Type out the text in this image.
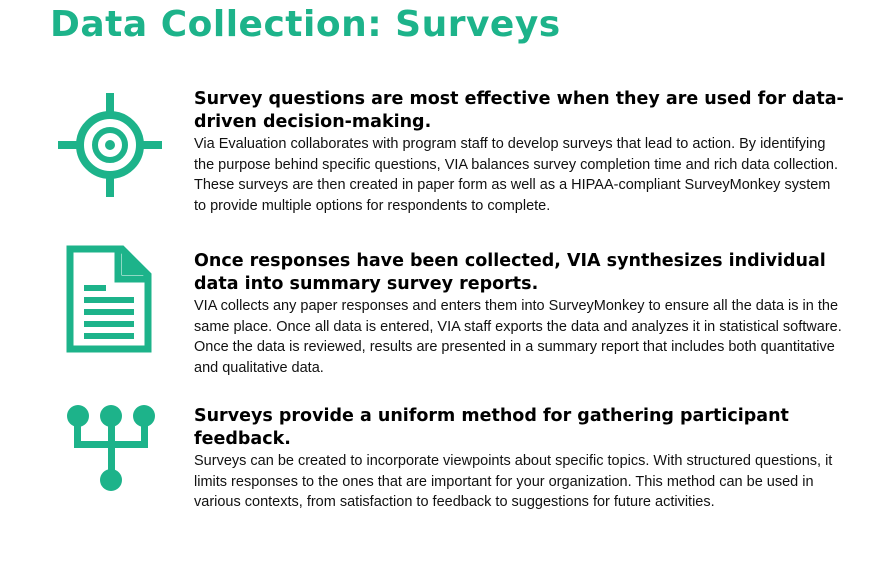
Data Collection: Surveys
Survey questions are most effective when they are used for data-driven decision-making.

Via Evaluation collaborates with program staff to develop surveys that lead to action. By identifying the purpose behind specific questions, VIA balances survey completion time and rich data collection. These surveys are then created in paper form as well as a HIPAA-compliant SurveyMonkey system to provide multiple options for respondents to complete.

Once responses have been collected, VIA synthesizes individual data into summary survey reports.

VIA collects any paper responses and enters them into SurveyMonkey to ensure all the data is in the same place. Once all data is entered, VIA staff exports the data and analyzes it in statistical software. Once the data is reviewed, results are presented in a summary report that includes both quantitative and qualitative data.

Surveys provide a uniform method for gathering participant feedback.

Surveys can be created to incorporate viewpoints about specific topics. With structured questions, it limits responses to the ones that are important for your organization. This method can be used in various contexts, from satisfaction to feedback to suggestions for future activities.
